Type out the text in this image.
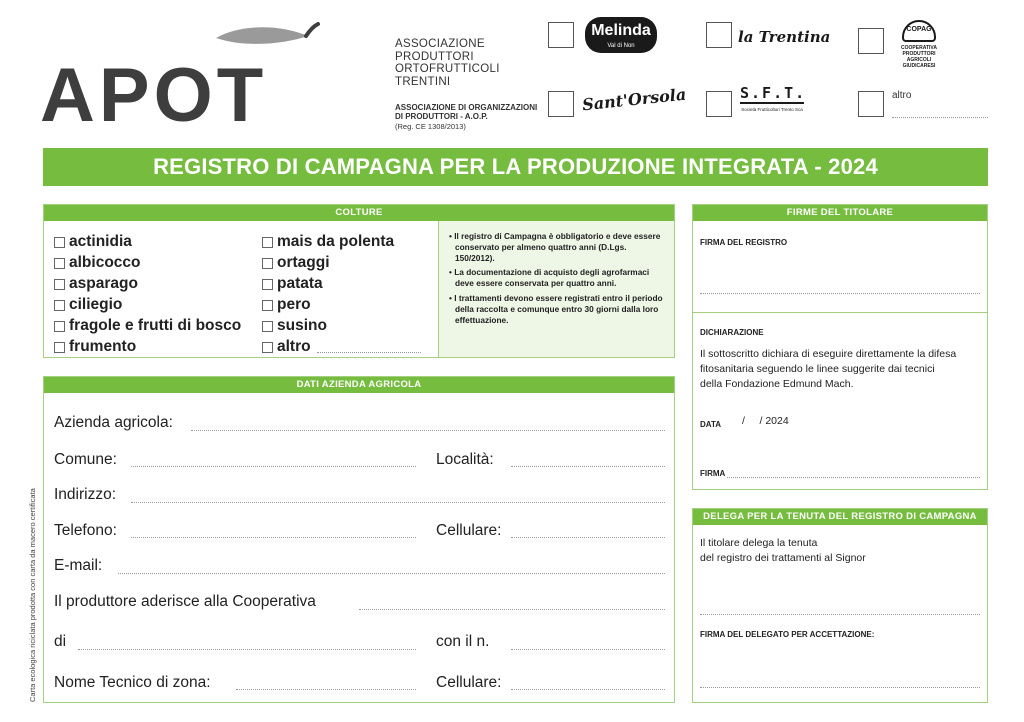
APOT
ASSOCIAZIONE
PRODUTTORI
ORTOFRUTTICOLI
TRENTINI
ASSOCIAZIONE DI ORGANIZZAZIONI
DI PRODUTTORI - A.O.P.
(Reg. CE 1308/2013)
Melinda
Val di Non	la Trentina	COPAG
COOPERATIVA
PRODUTTORI AGRICOLI
GIUDICARESI
Sant'Orsola	S.F.T.
Società Frutticoltori Trento Sca
altro
REGISTRO DI CAMPAGNA PER LA PRODUZIONE INTEGRATA - 2024
COLTURE
actinidia
albicocco
asparago
ciliegio
fragole e frutti di bosco
frumento
mais da polenta
ortaggi
patata
pero
susino
altro
• Il registro di Campagna è obbligatorio e deve essere conservato per almeno quattro anni (D.Lgs. 150/2012).
• La documentazione di acquisto degli agrofarmaci deve essere conservata per quattro anni.
• I trattamenti devono essere registrati entro il periodo della raccolta e comunque entro 30 giorni dalla loro effettuazione.
DATI AZIENDA AGRICOLA
Azienda agricola:
Comune:	Località:
Indirizzo:
Telefono:	Cellulare:
E-mail:
Il produttore aderisce alla Cooperativa
di	con il n.
Nome Tecnico di zona:	Cellulare:
FIRME DEL TITOLARE
FIRMA DEL REGISTRO
DICHIARAZIONE
Il sottoscritto dichiara di eseguire direttamente la difesa
fitosanitaria seguendo le linee suggerite dai tecnici
della Fondazione Edmund Mach.
DATA /     / 2024
FIRMA
DELEGA PER LA TENUTA DEL REGISTRO DI CAMPAGNA
Il titolare delega la tenuta
del registro dei trattamenti al Signor
FIRMA DEL DELEGATO PER ACCETTAZIONE:
Carta ecologica riciclata prodotta con carta da macero certificata
